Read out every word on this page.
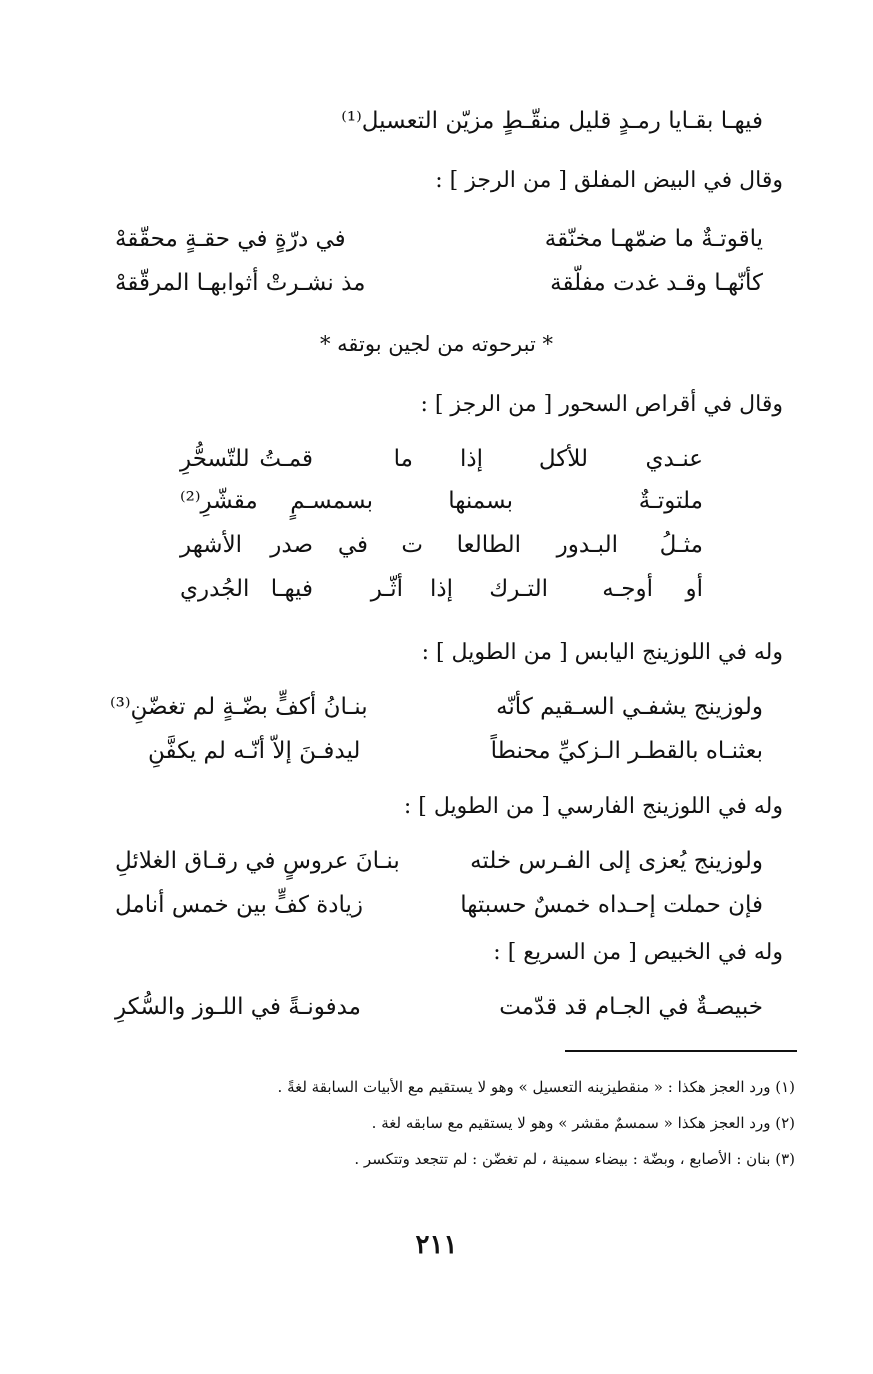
فيهـا بقـايا رمـدٍ قليل منقّـطٍ مزيّن التعسيل⁽¹⁾
وقال في البيض المفلق [ من الرجز ] :
ياقوتـةٌ ما ضمّهـا مخنّقة
في درّةٍ في حقـةٍ محقّقهْ
كأنّهـا وقـد غدت مفلّقة
مذ نشـرتْ أثوابهـا المرقّقهْ
* تبرحوته من لجين بوتقه *
وقال في أقراص السحور [ من الرجز ] :
عنـدي
للأكل
إذا
ما
قمـتُ
للتّسحُّرِ
ملتوتـةٌ
بسمنها
بسمسـمٍ
مقشّرِ⁽²⁾
مثـلُ
البـدور
الطالعا
ت
في
صدر
الأشهر
أو
أوجـه
التـرك
إذا
أثّـر
فيهـا
الجُدري
وله في اللوزينج اليابس [ من الطويل ] :
ولوزينج يشفـي السـقيم كأنّه
بنـانُ أكفٍّ بضّـةٍ لم تغضّنِ⁽³⁾
بعثنـاه بالقطـر الـزكيِّ محنطاً
ليدفـنَ إلاّ أنّـه لم يكفَّنِ
وله في اللوزينج الفارسي [ من الطويل ] :
ولوزينج يُعزى إلى الفـرس خلته
بنـانَ عروسٍ في رقـاق الغلائلِ
فإن حملت إحـداه خمسٌ حسبتها
زيادة كفٍّ بين خمس أنامل
وله في الخبيص [ من السريع ] :
خبيصـةٌ في الجـام قد قدّمت
مدفونـةً في اللـوز والسُّكرِ
(١) ورد العجز هكذا : « منقطيزينه التعسيل » وهو لا يستقيم مع الأبيات السابقة لغةً .
(٢) ورد العجز هكذا « سمسمٌ مقشر » وهو لا يستقيم مع سابقه لغة .
(٣) بنان : الأصابع ، وبضّة : بيضاء سمينة ، لم تغضّن : لم تتجعد وتتكسر .
٢١١
